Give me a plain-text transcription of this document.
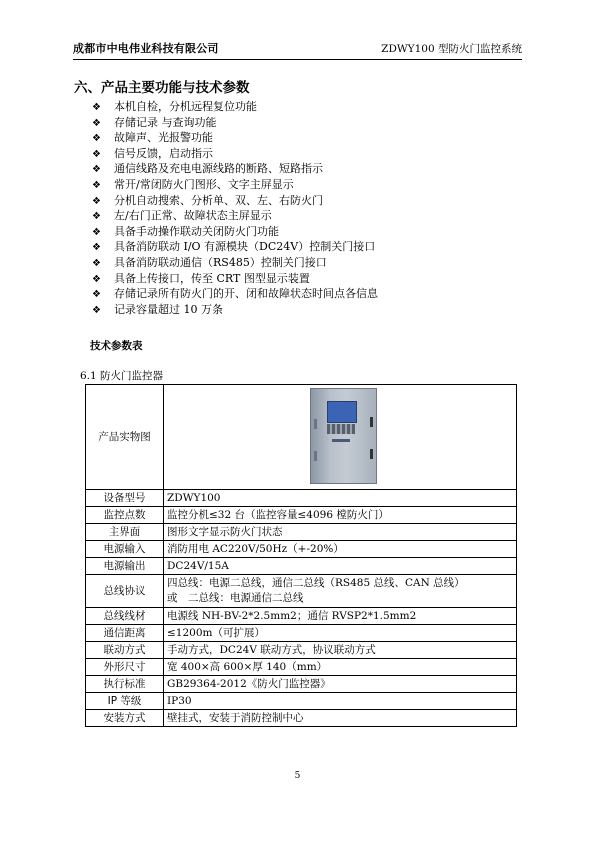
成都市中电伟业科技有限公司	ZDWY100 型防火门监控系统
六、产品主要功能与技术参数
❖ 本机自检，分机远程复位功能
❖ 存储记录 与查询功能
❖ 故障声、光报警功能
❖ 信号反馈，启动指示
❖ 通信线路及充电电源线路的断路、短路指示
❖ 常开/常闭防火门图形、文字主屏显示
❖ 分机自动搜索、分析单、双、左、右防火门
❖ 左/右门正常、故障状态主屏显示
❖ 具备手动操作联动关闭防火门功能
❖ 具备消防联动 I/O 有源模块（DC24V）控制关门接口
❖ 具备消防联动通信（RS485）控制关门接口
❖ 具备上传接口，传至 CRT 图型显示装置
❖ 存储记录所有防火门的开、闭和故障状态时间点各信息
❖ 记录容量超过 10 万条
技术参数表
6.1 防火门监控器
产品实物图	

设备型号	ZDWY100
监控点数	监控分机≤32 台（监控容量≤4096 樘防火门）
主界面	图形文字显示防火门状态
电源输入	消防用电 AC220V/50Hz（+-20%）
电源输出	DC24V/15A
总线协议	四总线：电源二总线，通信二总线（RS485 总线、CAN 总线）
或　二总线：电源通信二总线

总线线材	电源线 NH-BV-2*2.5mm2；通信 RVSP2*1.5mm2
通信距离	≤1200m（可扩展）
联动方式	手动方式，DC24V 联动方式，协议联动方式
外形尺寸	宽 400×高 600×厚 140（mm）
执行标准	GB29364-2012《防火门监控器》
IP 等级	IP30
安装方式	壁挂式，安装于消防控制中心
5
